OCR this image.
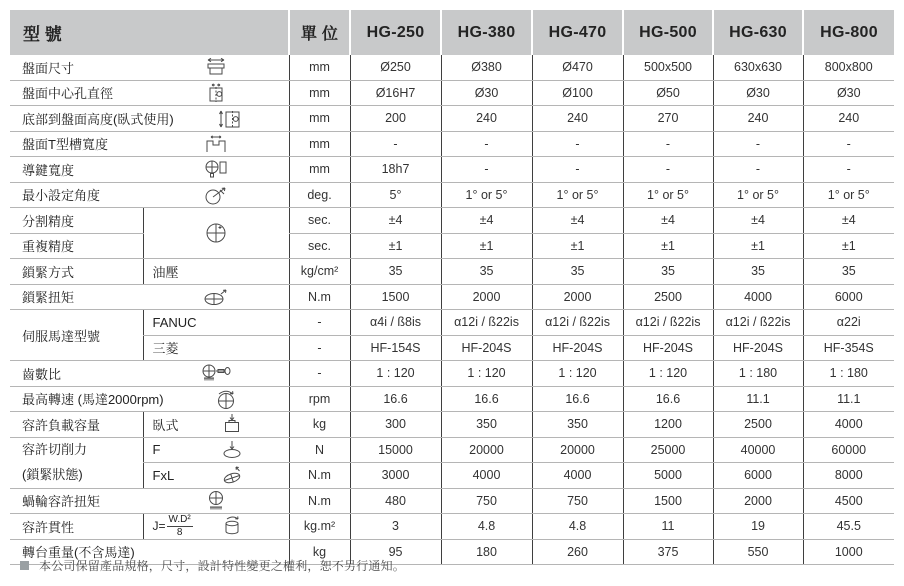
型 號		單 位	HG-250	HG-380	HG-470	HG-500	HG-630	HG-800

盤面尺寸		mm	Ø250	Ø380	Ø470	500x500	630x630	800x800

盤面中心孔直徑		mm	Ø16H7	Ø30	Ø100	Ø50	Ø30	Ø30

底部到盤面高度(臥式使用)		mm	200	240	240	270	240	240

盤面T型槽寬度		mm	-	-	-	-	-	-

導鍵寬度		mm	18h7	-	-	-	-	-

最小設定角度		deg.	5°	1° or 5°	1° or 5°	1° or 5°	1° or 5°	1° or 5°

分割精度		sec.	±4	±4	±4	±4	±4	±4

重複精度		sec.	±1	±1	±1	±1	±1	±1

鎖緊方式	油壓	kg/cm²	35	35	35	35	35	35

鎖緊扭矩		N.m	1500	2000	2000	2500	4000	6000

伺服馬達型號	FANUC	-	α4i / ß8is	α12i / ß22is	α12i / ß22is	α12i / ß22is	α12i / ß22is	α22i

	三菱	-	HF-154S	HF-204S	HF-204S	HF-204S	HF-204S	HF-354S

齒數比		-	1 : 120	1 : 120	1 : 120	1 : 120	1 : 180	1 : 180

最高轉速 (馬達2000rpm)		rpm	16.6	16.6	16.6	16.6	11.1	11.1

容許負載容量	臥式	kg	300	350	350	1200	2500	4000

容許切削力
(鎖緊狀態)	F	N	15000	20000	20000	25000	40000	60000

	FxL	N.m	3000	4000	4000	5000	6000	8000

蝸輪容許扭矩		N.m	480	750	750	1500	2000	4500

容許貫性	$J= \frac{\text{W.D²}}{8}$	kg.m²	3	4.8	4.8	11	19	45.5

轉台重量(不含馬達)		kg	95	180	260	375	550	1000
本公司保留產品規格，尺寸，設計特性變更之權利，恕不另行通知。
